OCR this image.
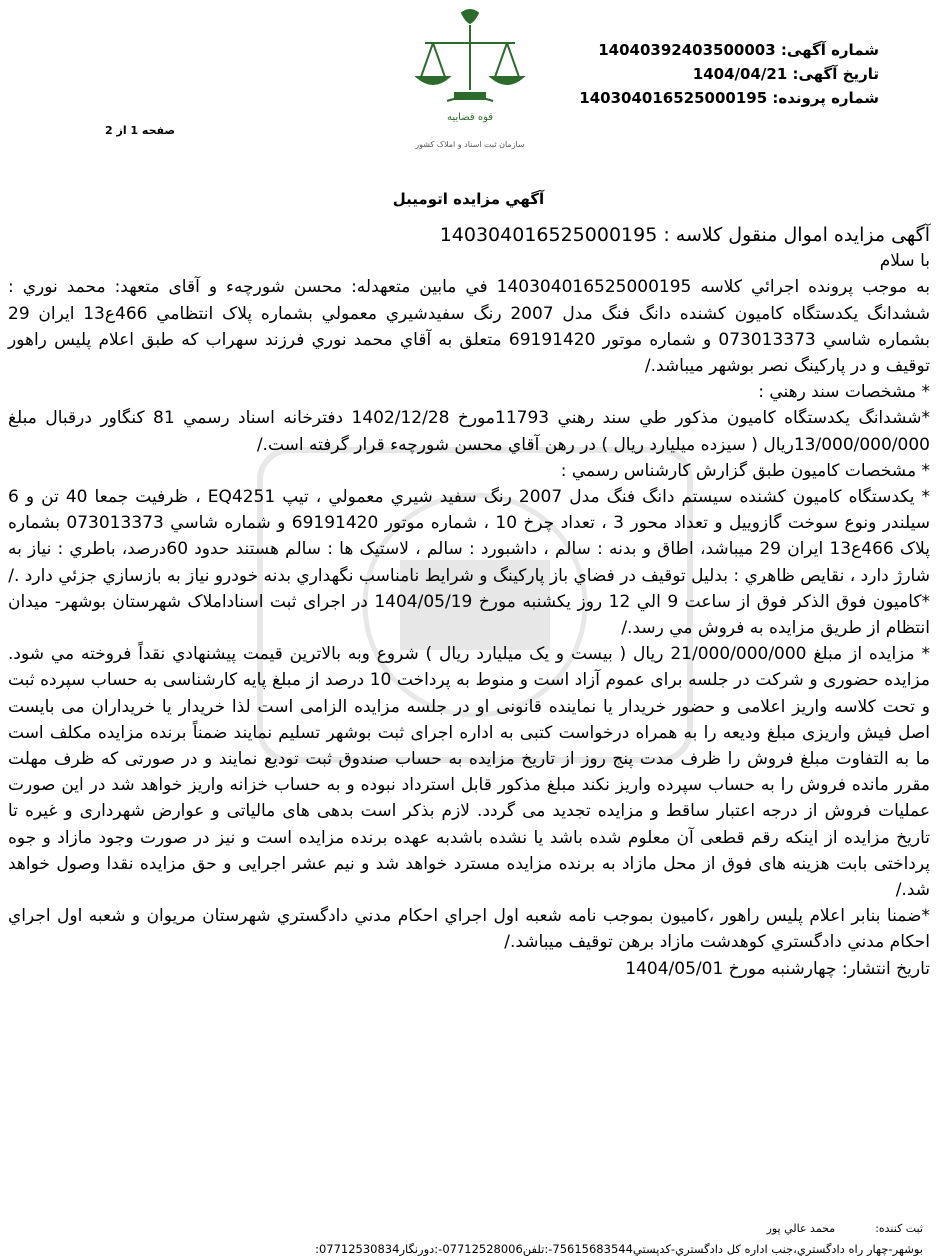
قوه قضاییه
سازمان ثبت اسناد و املاک کشور
شماره آگهی: 14040392403500003
تاریخ آگهی: 1404/04/21
شماره پرونده: 140304016525000195
صفحه 1 از 2
آگهي مزايده اتوميبل

آگهی مزایده اموال منقول کلاسه : 140304016525000195

با سلام

به موجب پرونده اجرائي كلاسه 140304016525000195 في مابين متعهدله: محسن شورچهء و آقای متعهد: محمد نوري : ششدانگ يكدستگاه كاميون كشنده دانگ فنگ مدل 2007 رنگ سفيدشيري معمولي بشماره پلاک انتظامي 466ع13 ايران 29 بشماره شاسي 073013373 و شماره موتور 69191420 متعلق به آقاي محمد نوري فرزند سهراب كه طبق اعلام پليس راهور توقيف و در پاركينگ نصر بوشهر ميباشد./

* مشخصات سند رهني :

*ششدانگ يكدستگاه كاميون مذكور طي سند رهني 11793مورخ 1402/12/28 دفترخانه اسناد رسمي 81 كنگاور درقبال مبلغ 13/000/000/000ريال ( سيزده ميليارد ريال ) در رهن آقاي محسن شورچهء قرار گرفته است./

* مشخصات كاميون طبق گزارش كارشناس رسمي :

* يكدستگاه كاميون كشنده سيستم دانگ فنگ مدل 2007 رنگ سفيد شيري معمولي ، تيپ EQ4251 ، ظرفيت جمعا 40 تن و 6 سيلندر ونوع سوخت گازوييل و تعداد محور 3 ، تعداد چرخ 10 ، شماره موتور 69191420 و شماره شاسي 073013373 بشماره پلاک 466ع13 ايران 29 ميباشد، اطاق و بدنه : سالم ، داشبورد : سالم ، لاستيک ها : سالم هستند حدود 60درصد، باطري : نياز به شارژ دارد ، نقايص ظاهري : بدليل توقيف در فضاي باز پاركينگ و شرايط نامناسب نگهداري بدنه خودرو نياز به بازسازي جزئي دارد ./

*كاميون فوق الذكر فوق از ساعت 9 الي 12 روز يكشنبه مورخ 1404/05/19 در اجرای ثبت اسناداملاک شهرستان بوشهر- ميدان انتظام از طريق مزايده به فروش مي رسد./

* مزايده از مبلغ 21/000/000/000 ريال ( بيست و يک ميليارد ريال ) شروع وبه بالاترين قيمت پيشنهادي نقداً فروخته مي شود. مزايده حضوری و شرکت در جلسه برای عموم آزاد است و منوط به پرداخت 10 درصد از مبلغ پایه کارشناسی به حساب سپرده ثبت و تحت کلاسه واریز اعلامی و حضور خریدار یا نماینده قانونی او در جلسه مزایده الزامی است لذا خریدار یا خریداران می بایست اصل فیش واریزی مبلغ ودیعه را به همراه درخواست کتبی به اداره اجرای ثبت بوشهر تسلیم نمایند ضمناً برنده مزایده مکلف است ما به التفاوت مبلغ فروش را ظرف مدت پنج روز از تاریخ مزایده به حساب صندوق ثبت تودیع نمایند و در صورتی كه ظرف مهلت مقرر مانده فروش را به حساب سپرده واریز نکند مبلغ مذکور قابل استرداد نبوده و به حساب خزانه واریز خواهد شد در این صورت عملیات فروش از درجه اعتبار ساقط و مزایده تجدید می گردد. لازم بذکر است بدهی های مالیاتی و عوارض شهرداری و غیره تا تاریخ مزایده از اینکه رقم قطعی آن معلوم شده باشد یا نشده باشدبه عهده برنده مزایده است و نیز در صورت وجود مازاد و جوه پرداختی بابت هزینه های فوق از محل مازاد به برنده مزایده مسترد خواهد شد و نیم عشر اجرایی و حق مزایده نقدا وصول خواهد شد./

*ضمنا بنابر اعلام پليس راهور ،كاميون بموجب نامه شعبه اول اجراي احكام مدني دادگستري شهرستان مريوان و شعبه اول اجراي احكام مدني دادگستري كوهدشت مازاد برهن توقيف ميباشد./

تاریخ انتشار: چهارشنبه مورخ 1404/05/01

ثبت كننده:
محمد عالي پور
بوشهر-چهار راه دادگستري،جنب اداره كل دادگستري-كدپستي75615683544-:تلفن07712528006-:دورنگار07712530834:
